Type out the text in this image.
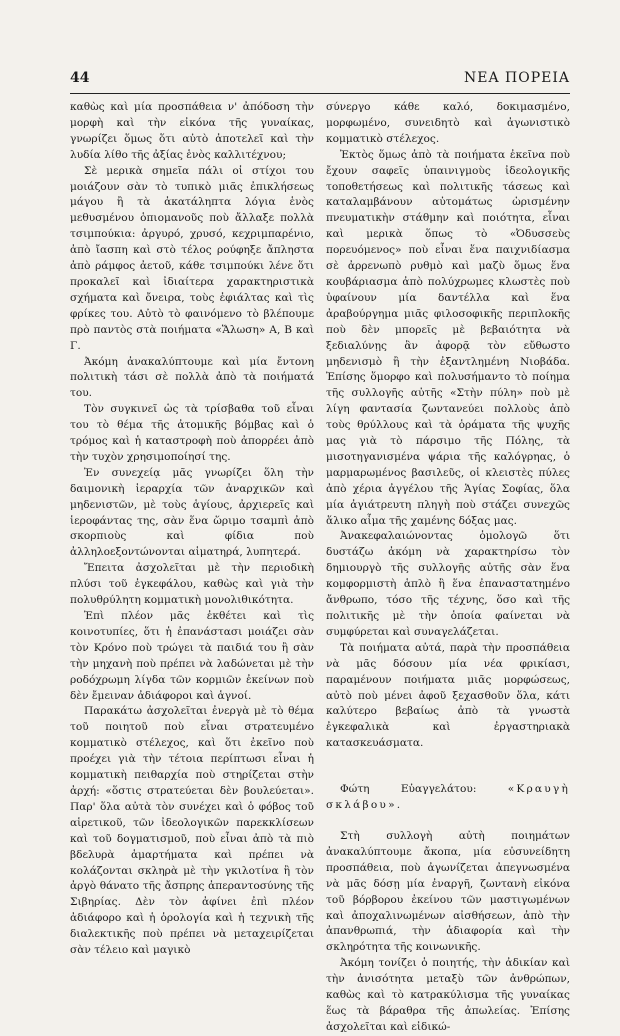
44	ΝΕΑ ΠΟΡΕΙΑ

καθὼς καὶ μία προσπάθεια ν' ἀπόδοση τὴν μορφὴ καὶ τὴν εἰκόνα τῆς γυναίκας, γνωρίζει ὅμως ὅτι αὐτὸ ἀποτελεῖ καὶ τὴν λυδία λίθο τῆς ἀξίας ἑνὸς καλλιτέχνου;

Σὲ μερικὰ σημεῖα πάλι οἱ στίχοι του μοιάζουν σὰν τὸ τυπικὸ μιᾶς ἐπικλήσεως μάγου ἢ τὰ ἀκατάληπτα λόγια ἑνὸς μεθυσμένου ὁπιομανοῦς ποὺ ἄλλαξε πολλὰ τσιμπούκια: ἀργυρό, χρυσό, κεχριμπαρένιο, ἀπὸ ἴασπη καὶ στὸ τέλος ρούφηξε ἄπληστα ἀπὸ ράμφος ἀετοῦ, κάθε τσιμπούκι λένε ὅτι προκαλεῖ καὶ ἰδιαίτερα χαρακτηριστικὰ σχήματα καὶ ὄνειρα, τοὺς ἐφιάλτας καὶ τὶς φρίκες του. Αὐτὸ τὸ φαινόμενο τὸ βλέπουμε πρὸ παντὸς στὰ ποιήματα «Ἅλωση» Α, Β καὶ Γ.

Ἀκόμη ἀνακαλύπτουμε καὶ μία ἔντονη πολιτικὴ τάσι σὲ πολλὰ ἀπὸ τὰ ποιήματά του.

Τὸν συγκινεῖ ὡς τὰ τρίσβαθα τοῦ εἶναι του τὸ θέμα τῆς ἀτομικῆς βόμβας καὶ ὁ τρόμος καὶ ἡ καταστροφὴ ποὺ ἀπορρέει ἀπὸ τὴν τυχὸν χρησιμοποίησί της.

Ἐν συνεχείᾳ μᾶς γνωρίζει ὅλη τὴν δαιμονικὴ ἱεραρχία τῶν ἀναρχικῶν καὶ μηδενιστῶν, μὲ τοὺς ἁγίους, ἀρχιερεῖς καὶ ἱεροφάντας της, σὰν ἕνα ὥριμο τσαμπὶ ἀπὸ σκορπιοὺς καὶ φίδια ποὺ ἀλληλοεξοντώνονται αἱματηρά, λυπητερά.

Ἔπειτα ἀσχολεῖται μὲ τὴν περιοδικὴ πλύσι τοῦ ἐγκεφάλου, καθὼς καὶ γιὰ τὴν πολυθρύλητη κομματικὴ μονολιθικότητα.

Ἐπὶ πλέον μᾶς ἐκθέτει καὶ τὶς κοινοτυπίες, ὅτι ἡ ἐπανάστασι μοιάζει σὰν τὸν Κρόνο ποὺ τρώγει τὰ παιδιά του ἢ σὰν τὴν μηχανὴ ποὺ πρέπει νὰ λαδώνεται μὲ τὴν ροδόχρωμη λίγδα τῶν κορμιῶν ἐκείνων ποὺ δὲν ἔμειναν ἀδιάφοροι καὶ ἁγνοί.

Παρακάτω ἀσχολεῖται ἐνεργὰ μὲ τὸ θέμα τοῦ ποιητοῦ ποὺ εἶναι στρατευμένο κομματικὸ στέλεχος, καὶ ὅτι ἐκεῖνο ποὺ προέχει γιὰ τὴν τέτοια περίπτωσι εἶναι ἡ κομματικὴ πειθαρχία ποὺ στηρίζεται στὴν ἀρχή: «ὅστις στρατεύεται δὲν βουλεύεται». Παρ' ὅλα αὐτὰ τὸν συνέχει καὶ ὁ φόβος τοῦ αἱρετικοῦ, τῶν ἰδεολογικῶν παρεκκλίσεων καὶ τοῦ δογματισμοῦ, ποὺ εἶναι ἀπὸ τὰ πιὸ βδελυρὰ ἁμαρτήματα καὶ πρέπει νὰ κολάζονται σκληρὰ μὲ τὴν γκιλοτίνα ἢ τὸν ἀργὸ θάνατο τῆς ἄσπρης ἀπεραντοσύνης τῆς Σιβηρίας. Δὲν τὸν ἀφίνει ἐπὶ πλέον ἀδιάφορο καὶ ἡ ὁρολογία καὶ ἡ τεχνικὴ τῆς διαλεκτικῆς ποὺ πρέπει νὰ μεταχειρίζεται σὰν τέλειο καὶ μαγικὸ

σύνεργο κάθε καλό, δοκιμασμένο, μορφωμένο, συνειδητὸ καὶ ἀγωνιστικὸ κομματικὸ στέλεχος.

Ἐκτὸς ὅμως ἀπὸ τὰ ποιήματα ἐκεῖνα ποὺ ἔχουν σαφεῖς ὑπαινιγμοὺς ἰδεολογικῆς τοποθετήσεως καὶ πολιτικῆς τάσεως καὶ καταλαμβάνουν αὐτομάτως ὡρισμένην πνευματικὴν στάθμην καὶ ποιότητα, εἶναι καὶ μερικὰ ὅπως τὸ «Ὀδυσσεὺς πορευόμενος» ποὺ εἶναι ἕνα παιχνιδίασμα σὲ ἀρρενωπὸ ρυθμὸ καὶ μαζὺ ὅμως ἕνα κουβάριασμα ἀπὸ πολύχρωμες κλωστὲς ποὺ ὑφαίνουν μία δαντέλλα καὶ ἕνα ἀραβούργημα μιᾶς φιλοσοφικῆς περιπλοκῆς ποὺ δὲν μπορεῖς μὲ βεβαιότητα νὰ ξεδιαλύνῃς ἂν ἀφορᾷ τὸν εὔθωστο μηδενισμὸ ἢ τὴν ἐξαντλημένη Νιοβάδα. Ἐπίσης ὅμορφο καὶ πολυσήμαντο τὸ ποίημα τῆς συλλογῆς αὐτῆς «Στὴν πύλη» ποὺ μὲ λίγη φαντασία ζωντανεύει πολλοὺς ἀπὸ τοὺς θρύλλους καὶ τὰ ὁράματα τῆς ψυχῆς μας γιὰ τὸ πάρσιμο τῆς Πόλης, τὰ μισοτηγανισμένα ψάρια τῆς καλόγρηας, ὁ μαρμαρωμένος βασιλεῦς, οἱ κλειστὲς πύλες ἀπὸ χέρια ἀγγέλου τῆς Ἁγίας Σοφίας, ὅλα μία ἀγιάτρευτη πληγὴ ποὺ στάζει συνεχῶς ἅλικο αἷμα τῆς χαμένης δόξας μας.

Ἀνακεφαλαιώνοντας ὁμολογῶ ὅτι δυστάζω ἀκόμη νὰ χαρακτηρίσω τὸν δημιουργὸ τῆς συλλογῆς αὐτῆς σὰν ἕνα κομφορμιστὴ ἁπλὸ ἢ ἕνα ἐπαναστατημένο ἄνθρωπο, τόσο τῆς τέχνης, ὅσο καὶ τῆς πολιτικῆς μὲ τὴν ὁποία φαίνεται νὰ συμφύρεται καὶ συναγελάζεται.

Τὰ ποιήματα αὐτά, παρὰ τὴν προσπάθεια νὰ μᾶς δόσουν μία νέα φρικίασι, παραμένουν ποιήματα μιᾶς μορφώσεως, αὐτὸ ποὺ μένει ἀφοῦ ξεχασθοῦν ὅλα, κάτι καλύτερο βεβαίως ἀπὸ τὰ γνωστὰ ἐγκεφαλικὰ καὶ ἐργαστηριακὰ κατασκευάσματα.

Φώτη	Εὐαγγελάτου:	«Κραυγὴ

σκλάβου».

Στὴ συλλογὴ αὐτὴ ποιημάτων ἀνακαλύπτουμε ἄκοπα, μία εὐσυνείδητη προσπάθεια, ποὺ ἀγωνίζεται ἀπεγνωσμένα νὰ μᾶς δόσῃ μία ἐναργῆ, ζωντανὴ εἰκόνα τοῦ βόρβορου ἐκείνου τῶν μαστιγωμένων καὶ ἀποχαλινωμένων αἰσθήσεων, ἀπὸ τὴν ἀπανθρωπιά, τὴν ἀδιαφορία καὶ τὴν σκληρότητα τῆς κοινωνικῆς.

Ἀκόμη τονίζει ὁ ποιητής, τὴν ἀδικίαν καὶ τὴν ἀνισότητα μεταξὺ τῶν ἀνθρώπων, καθὼς καὶ τὸ κατρακύλισμα τῆς γυναίκας ἕως τὰ βάραθρα τῆς ἀπωλείας. Ἐπίσης ἀσχολεῖται καὶ εἰδικώ-
